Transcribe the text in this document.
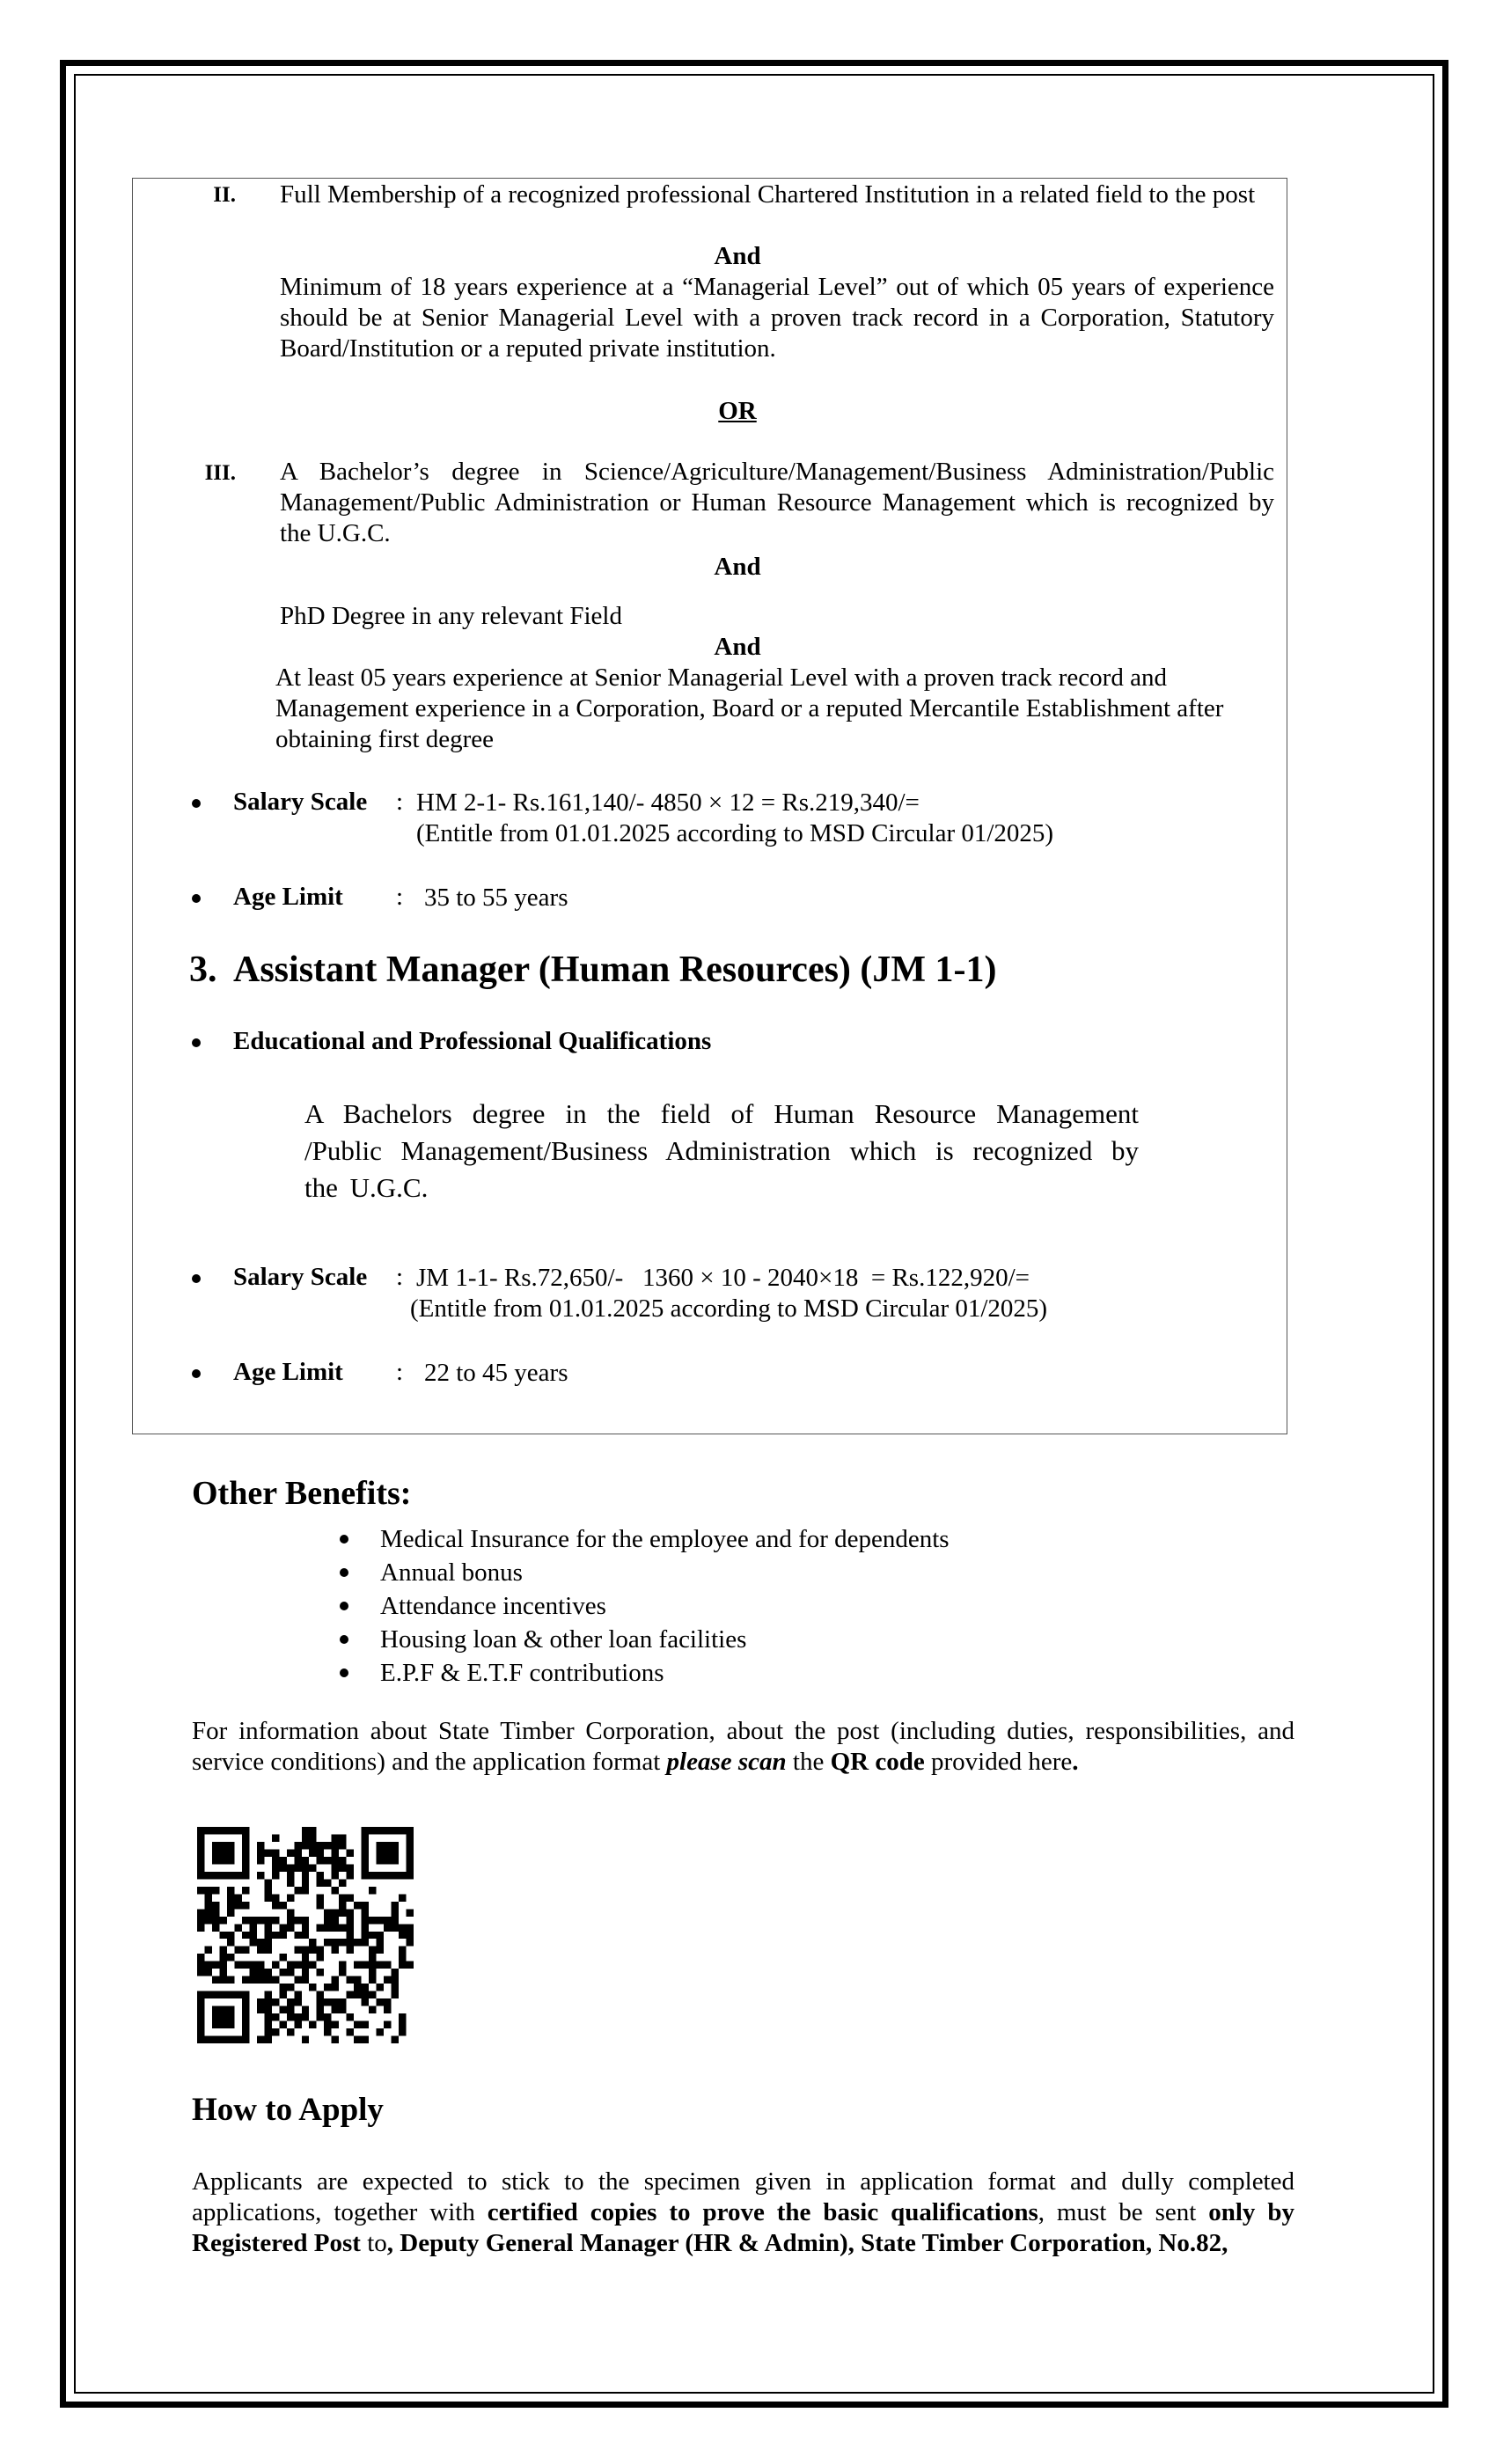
II. Full Membership of a recognized professional Chartered Institution in a related field to the post
And
Minimum of 18 years experience at a “Managerial Level” out of which 05 years of experience should be at Senior Managerial Level with a proven track record in a Corporation, Statutory Board/Institution or a reputed private institution.
OR
III. A Bachelor’s degree in Science/Agriculture/Management/Business Administration/Public Management/Public Administration or Human Resource Management which is recognized by the U.G.C.
And
PhD Degree in any relevant Field
And
At least 05 years experience at Senior Managerial Level with a proven track record and Management experience in a Corporation, Board or a reputed Mercantile Establishment after obtaining first degree
Salary Scale : HM 2-1- Rs.161,140/- 4850 × 12 = Rs.219,340/=
(Entitle from 01.01.2025 according to MSD Circular 01/2025)
Age Limit : 35 to 55 years
3. Assistant Manager (Human Resources) (JM 1-1)
Educational and Professional Qualifications
A Bachelors degree in the field of Human Resource Management /Public Management/Business Administration which is recognized by the U.G.C.
Salary Scale : JM 1-1- Rs.72,650/-   1360 × 10 - 2040×18  = Rs.122,920/=
(Entitle from 01.01.2025 according to MSD Circular 01/2025)
Age Limit : 22 to 45 years
Other Benefits:
Medical Insurance for the employee and for dependents
Annual bonus
Attendance incentives
Housing loan & other loan facilities
E.P.F & E.T.F contributions
For information about State Timber Corporation, about the post (including duties, responsibilities, and service conditions) and the application format please scan the QR code provided here.
How to Apply
Applicants are expected to stick to the specimen given in application format and dully completed applications, together with certified copies to prove the basic qualifications, must be sent only by Registered Post to, Deputy General Manager (HR & Admin), State Timber Corporation, No.82,
